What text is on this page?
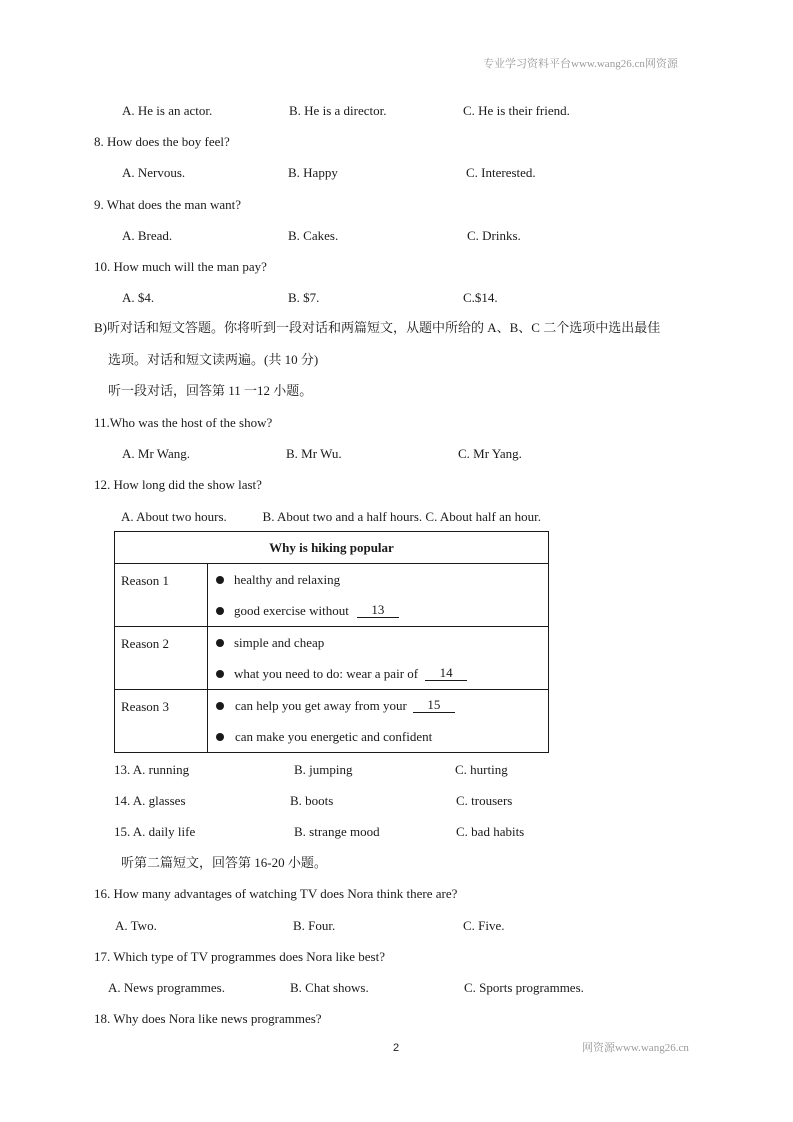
专业学习资料平台www.wang26.cn网资源
A. He is an actor.	B. He is a director.	C. He is their friend.
8. How does the boy feel?
A. Nervous.	B. Happy	C. Interested.
9. What does the man want?
A. Bread.	B. Cakes.	C. Drinks.
10. How much will the man pay?
A. $4.	B. $7.	C.$14.
B)听对话和短文答题。你将听到一段对话和两篇短文，从题中所给的 A、B、C 二个选项中选出最佳
选项。对话和短文读两遍。(共 10 分)
听一段对话，回答第 11 一12 小题。
11.Who was the host of the show?
A. Mr Wang.	B. Mr Wu.	C. Mr Yang.
12. How long did the show last?
A. About two hours.           B. About two and a half hours. C. About half an hour.
Why is hiking popular	

Reason 1	healthy and relaxing
good exercise without 13

Reason 2	simple and cheap
what you need to do: wear a pair of 14

Reason 3	can help you get away from your 15
can make you energetic and confident
13. A. running	B. jumping	C. hurting
14. A. glasses	B. boots	C. trousers
15. A. daily life	B. strange mood	C. bad habits
听第二篇短文，回答第 16-20 小题。
16. How many advantages of watching TV does Nora think there are?
A. Two.	B. Four.	C. Five.
17. Which type of TV programmes does Nora like best?
A. News programmes.	B. Chat shows.	C. Sports programmes.
18. Why does Nora like news programmes?
2	网资源www.wang26.cn
